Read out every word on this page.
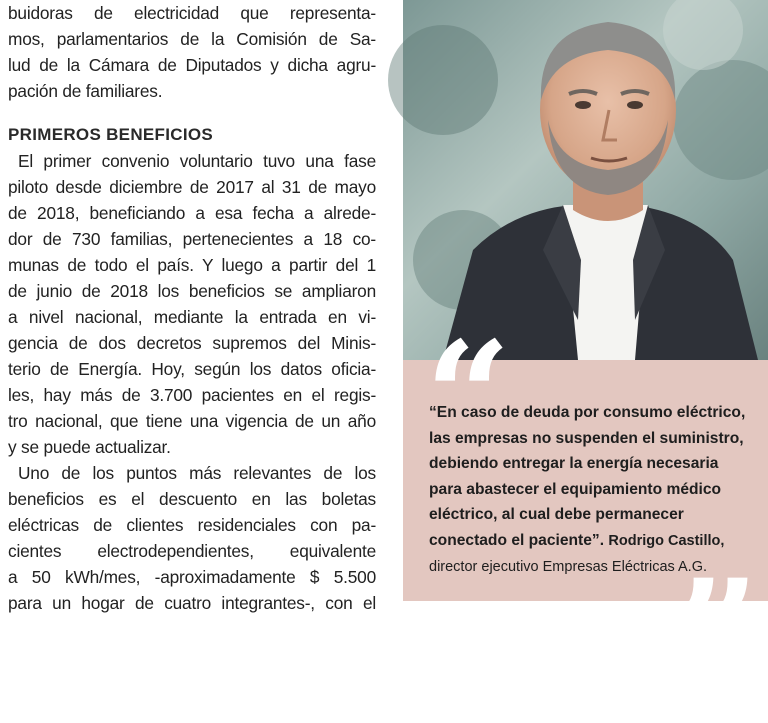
buidoras de electricidad que representa-
mos, parlamentarios de la Comisión de Sa-
lud de la Cámara de Diputados y dicha agru-
pación de familiares.
PRIMEROS BENEFICIOS
El primer convenio voluntario tuvo una fase
piloto desde diciembre de 2017 al 31 de mayo
de 2018, beneficiando a esa fecha a alrede-
dor de 730 familias, pertenecientes a 18 co-
munas de todo el país. Y luego a partir del 1
de junio de 2018 los beneficios se ampliaron
a nivel nacional, mediante la entrada en vi-
gencia de dos decretos supremos del Minis-
terio de Energía. Hoy, según los datos oficia-
les, hay más de 3.700 pacientes en el regis-
tro nacional, que tiene una vigencia de un año
y se puede actualizar.
Uno de los puntos más relevantes de los
beneficios es el descuento en las boletas
eléctricas de clientes residenciales con pa-
cientes electrodependientes, equivalente
a 50 kWh/mes, -aproximadamente $ 5.500
para un hogar de cuatro integrantes-, con el
“
“En caso de deuda por consumo eléctrico, las empresas no suspenden el suministro, debiendo entregar la energía necesaria para abastecer el equipamiento médico eléctrico, al cual debe permanecer conectado el paciente”. Rodrigo Castillo, director ejecutivo Empresas Eléctricas A.G.
”
